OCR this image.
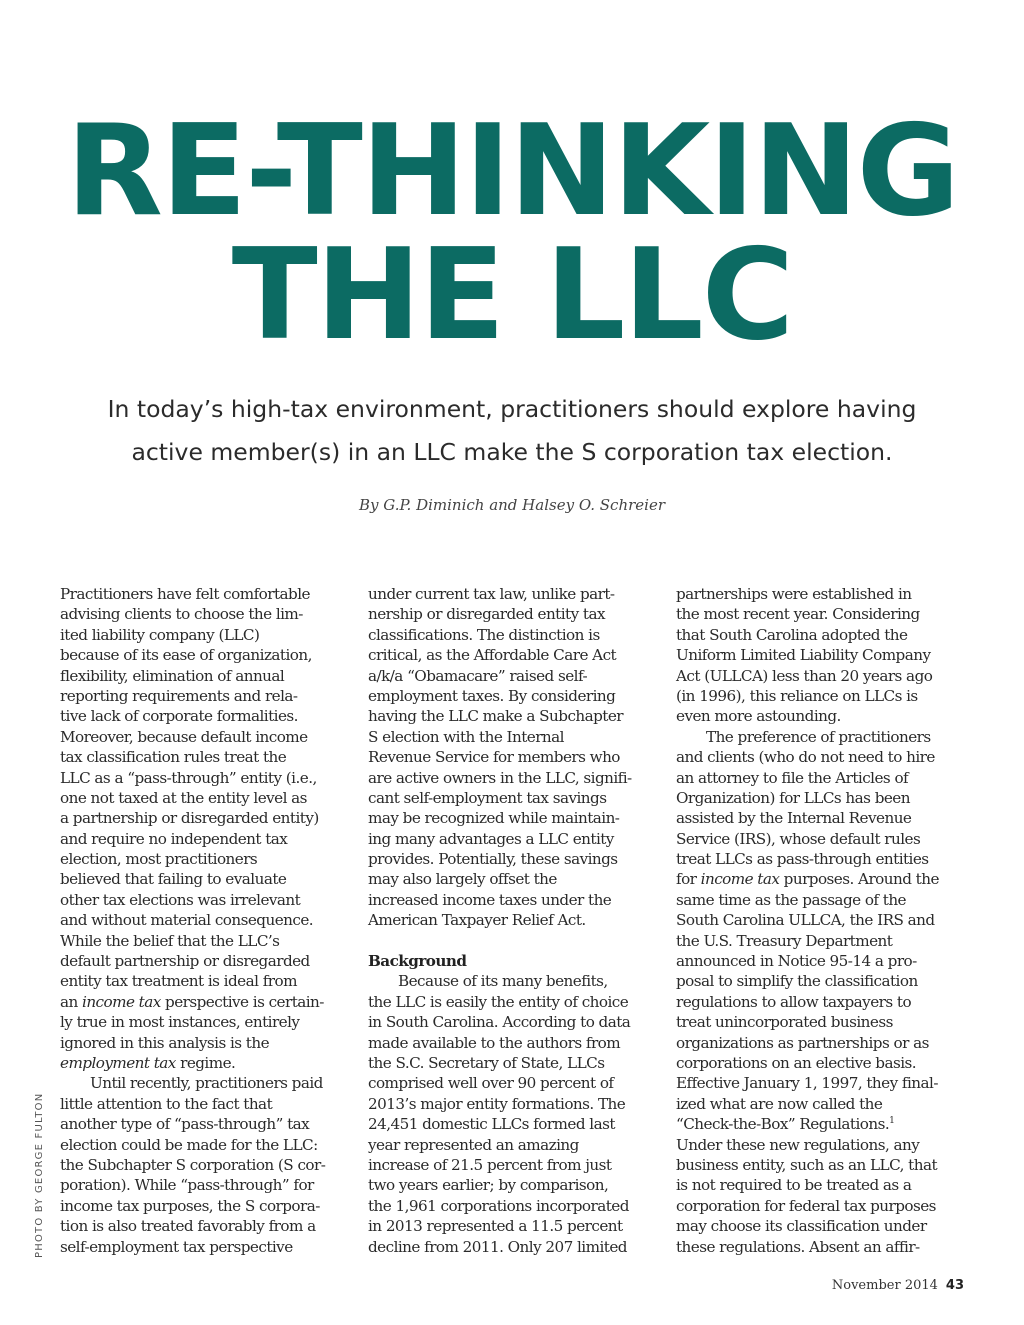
RE-THINKING
THE LLC

In today’s high-tax environment, practitioners should explore having

active member(s) in an LLC make the S corporation tax election.

By G.P. Diminich and Halsey O. Schreier

Practitioners have felt comfortable
advising clients to choose the lim-
ited liability company (LLC)
because of its ease of organization,
flexibility, elimination of annual
reporting requirements and rela-
tive lack of corporate formalities.
Moreover, because default income
tax classification rules treat the
LLC as a “pass-through” entity (i.e.,
one not taxed at the entity level as
a partnership or disregarded entity)
and require no independent tax
election, most practitioners
believed that failing to evaluate
other tax elections was irrelevant
and without material consequence.
While the belief that the LLC’s
default partnership or disregarded
entity tax treatment is ideal from
an income tax perspective is certain-
ly true in most instances, entirely
ignored in this analysis is the
employment tax regime.
Until recently, practitioners paid
little attention to the fact that
another type of “pass-through” tax
election could be made for the LLC:
the Subchapter S corporation (S cor-
poration). While “pass-through” for
income tax purposes, the S corpora-
tion is also treated favorably from a
self-employment tax perspective
under current tax law, unlike part-
nership or disregarded entity tax
classifications. The distinction is
critical, as the Affordable Care Act
a/k/a “Obamacare” raised self-
employment taxes. By considering
having the LLC make a Subchapter
S election with the Internal
Revenue Service for members who
are active owners in the LLC, signifi-
cant self-employment tax savings
may be recognized while maintain-
ing many advantages a LLC entity
provides. Potentially, these savings
may also largely offset the
increased income taxes under the
American Taxpayer Relief Act.
Background
Because of its many benefits,
the LLC is easily the entity of choice
in South Carolina. According to data
made available to the authors from
the S.C. Secretary of State, LLCs
comprised well over 90 percent of
2013’s major entity formations. The
24,451 domestic LLCs formed last
year represented an amazing
increase of 21.5 percent from just
two years earlier; by comparison,
the 1,961 corporations incorporated
in 2013 represented a 11.5 percent
decline from 2011. Only 207 limited
partnerships were established in
the most recent year. Considering
that South Carolina adopted the
Uniform Limited Liability Company
Act (ULLCA) less than 20 years ago
(in 1996), this reliance on LLCs is
even more astounding.
The preference of practitioners
and clients (who do not need to hire
an attorney to file the Articles of
Organization) for LLCs has been
assisted by the Internal Revenue
Service (IRS), whose default rules
treat LLCs as pass-through entities
for income tax purposes. Around the
same time as the passage of the
South Carolina ULLCA, the IRS and
the U.S. Treasury Department
announced in Notice 95-14 a pro-
posal to simplify the classification
regulations to allow taxpayers to
treat unincorporated business
organizations as partnerships or as
corporations on an elective basis.
Effective January 1, 1997, they final-
ized what are now called the
“Check-the-Box” Regulations.$^1$
Under these new regulations, any
business entity, such as an LLC, that
is not required to be treated as a
corporation for federal tax purposes
may choose its classification under
these regulations. Absent an affir-
PHOTO BY GEORGE FULTON
November 2014 43
